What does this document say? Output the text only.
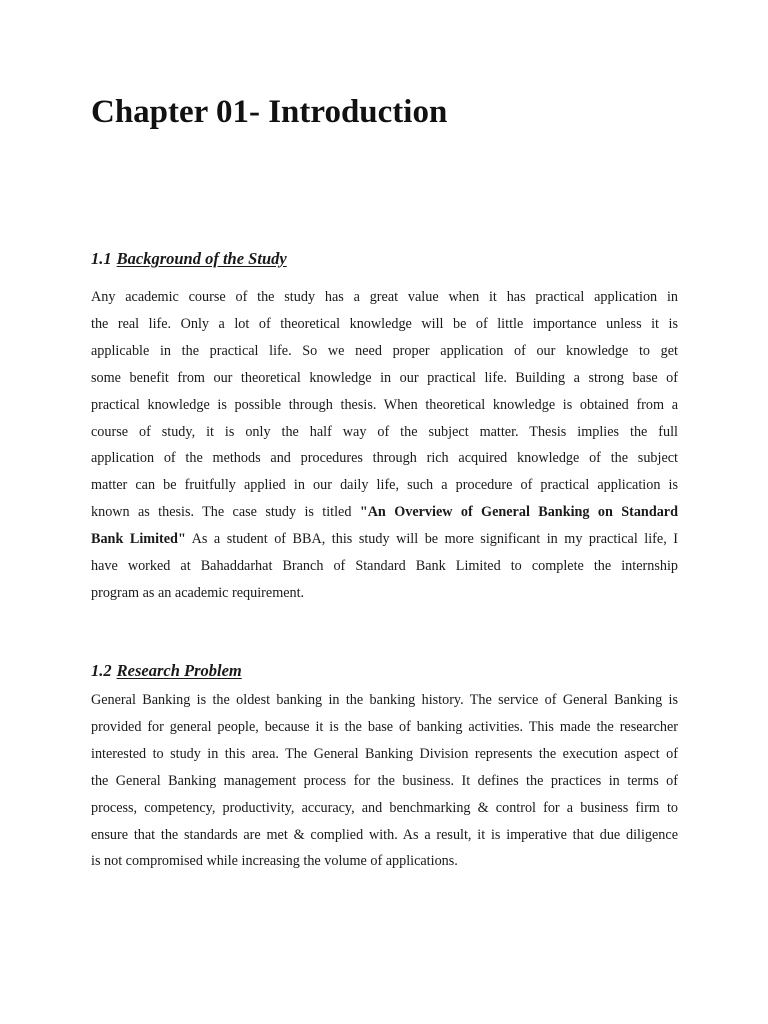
Chapter 01- Introduction
1.1 Background of the Study
Any academic course of the study has a great value when it has practical application in
the real life. Only a lot of theoretical knowledge will be of little importance unless it is
applicable in the practical life. So we need proper application of our knowledge to get
some benefit from our theoretical knowledge in our practical life. Building a strong base of
practical knowledge is possible through thesis. When theoretical knowledge is obtained from a
course of study, it is only the half way of the subject matter. Thesis implies the full
application of the methods and procedures through rich acquired knowledge of the subject
matter can be fruitfully applied in our daily life, such a procedure of practical application is
known as thesis. The case study is titled "An Overview of General Banking on Standard
Bank Limited" As a student of BBA, this study will be more significant in my practical life, I
have worked at Bahaddarhat Branch of Standard Bank Limited to complete the internship
program as an academic requirement.
1.2 Research Problem
General Banking is the oldest banking in the banking history. The service of General Banking is
provided for general people, because it is the base of banking activities. This made the researcher
interested to study in this area. The General Banking Division represents the execution aspect of
the General Banking management process for the business. It defines the practices in terms of
process, competency, productivity, accuracy, and benchmarking & control for a business firm to
ensure that the standards are met & complied with. As a result, it is imperative that due diligence
is not compromised while increasing the volume of applications.
